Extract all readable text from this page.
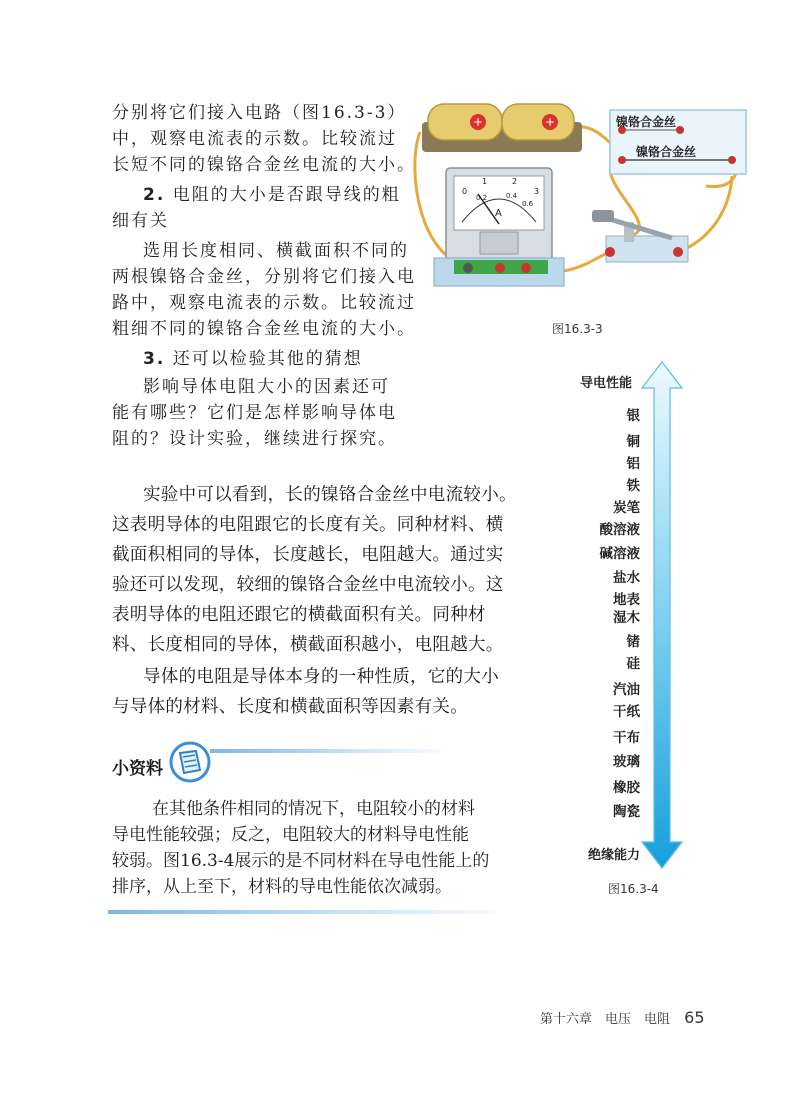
分别将它们接入电路（图16.3-3）
中，观察电流表的示数。比较流过
长短不同的镍铬合金丝电流的大小。
2. 电阻的大小是否跟导线的粗
细有关
选用长度相同、横截面积不同的
两根镍铬合金丝，分别将它们接入电
路中，观察电流表的示数。比较流过
粗细不同的镍铬合金丝电流的大小。
3. 还可以检验其他的猜想
影响导体电阻大小的因素还可
能有哪些？它们是怎样影响导体电
阻的？设计实验，继续进行探究。
实验中可以看到，长的镍铬合金丝中电流较小。
这表明导体的电阻跟它的长度有关。同种材料、横
截面积相同的导体，长度越长，电阻越大。通过实
验还可以发现，较细的镍铬合金丝中电流较小。这
表明导体的电阻还跟它的横截面积有关。同种材
料、长度相同的导体，横截面积越小，电阻越大。
导体的电阻是导体本身的一种性质，它的大小
与导体的材料、长度和横截面积等因素有关。
小资料
在其他条件相同的情况下，电阻较小的材料
导电性能较强；反之，电阻较大的材料导电性能
较弱。图16.3-4展示的是不同材料在导电性能上的
排序，从上至下，材料的导电性能依次减弱。
+	+	镍铬合金丝
镍铬合金丝
0
1	2
3
0.2	0.4
0.6
A
图16.3-3
导电性能
绝缘能力
图16.3-4
银
铜
铝
铁
炭笔
酸溶液
碱溶液
盐水
地表
湿木
锗
硅
汽油
干纸
干布
玻璃
橡胶
陶瓷
第十六章　电压　电阻 65
